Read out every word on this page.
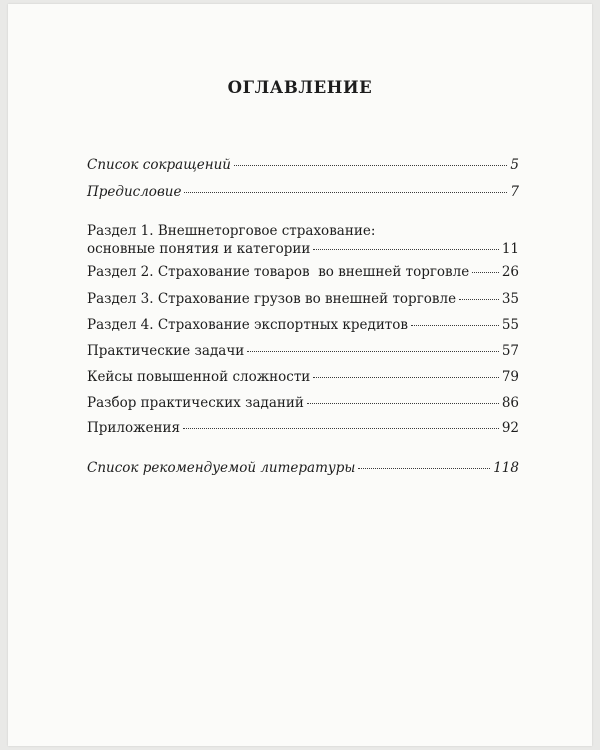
ОГЛАВЛЕНИЕ
Список сокращений	5
Предисловие	7
Раздел 1. Внешнеторговое страхование:
основные понятия и категории	11
Раздел 2. Страхование товаров  во внешней торговле 26
Раздел 3. Страхование грузов во внешней торговле	35
Раздел 4. Страхование экспортных кредитов	55
Практические задачи	57
Кейсы повышенной сложности	79
Разбор практических заданий	86
Приложения	92
Список рекомендуемой литературы	118
